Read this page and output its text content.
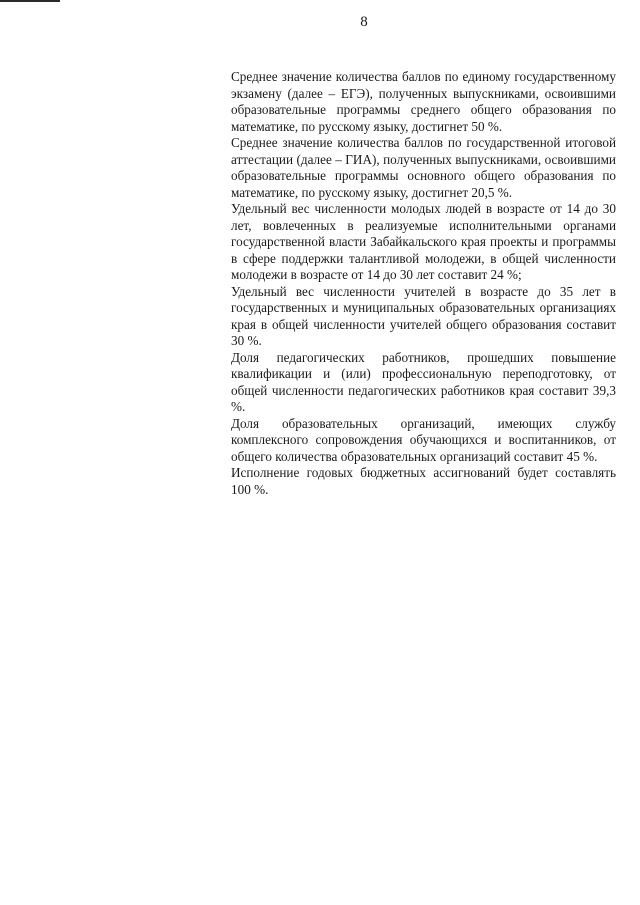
8

Среднее значение количества баллов по единому государственному экзамену (далее – ЕГЭ), полученных выпускниками, освоившими образовательные программы среднего общего образования по математике, по русскому языку, достигнет 50 %.

Среднее значение количества баллов по государственной итоговой аттестации (далее – ГИА), полученных выпускниками, освоившими образовательные программы основного общего образования по математике, по русскому языку, достигнет 20,5 %.

Удельный вес численности молодых людей в возрасте от 14 до 30 лет, вовлеченных в реализуемые исполнительными органами государственной власти Забайкальского края проекты и программы в сфере поддержки талантливой молодежи, в общей численности молодежи в возрасте от 14 до 30 лет составит 24 %;

Удельный вес численности учителей в возрасте до 35 лет в государственных и муниципальных образовательных организациях края в общей численности учителей общего образования составит 30 %.

Доля педагогических работников, прошедших повышение квалификации и (или) профессиональную переподготовку, от общей численности педагогических работников края составит 39,3 %.

Доля образовательных организаций, имеющих службу комплексного сопровождения обучающихся и воспитанников, от общего количества образовательных организаций составит 45 %.

Исполнение годовых бюджетных ассигнований будет составлять 100 %.
